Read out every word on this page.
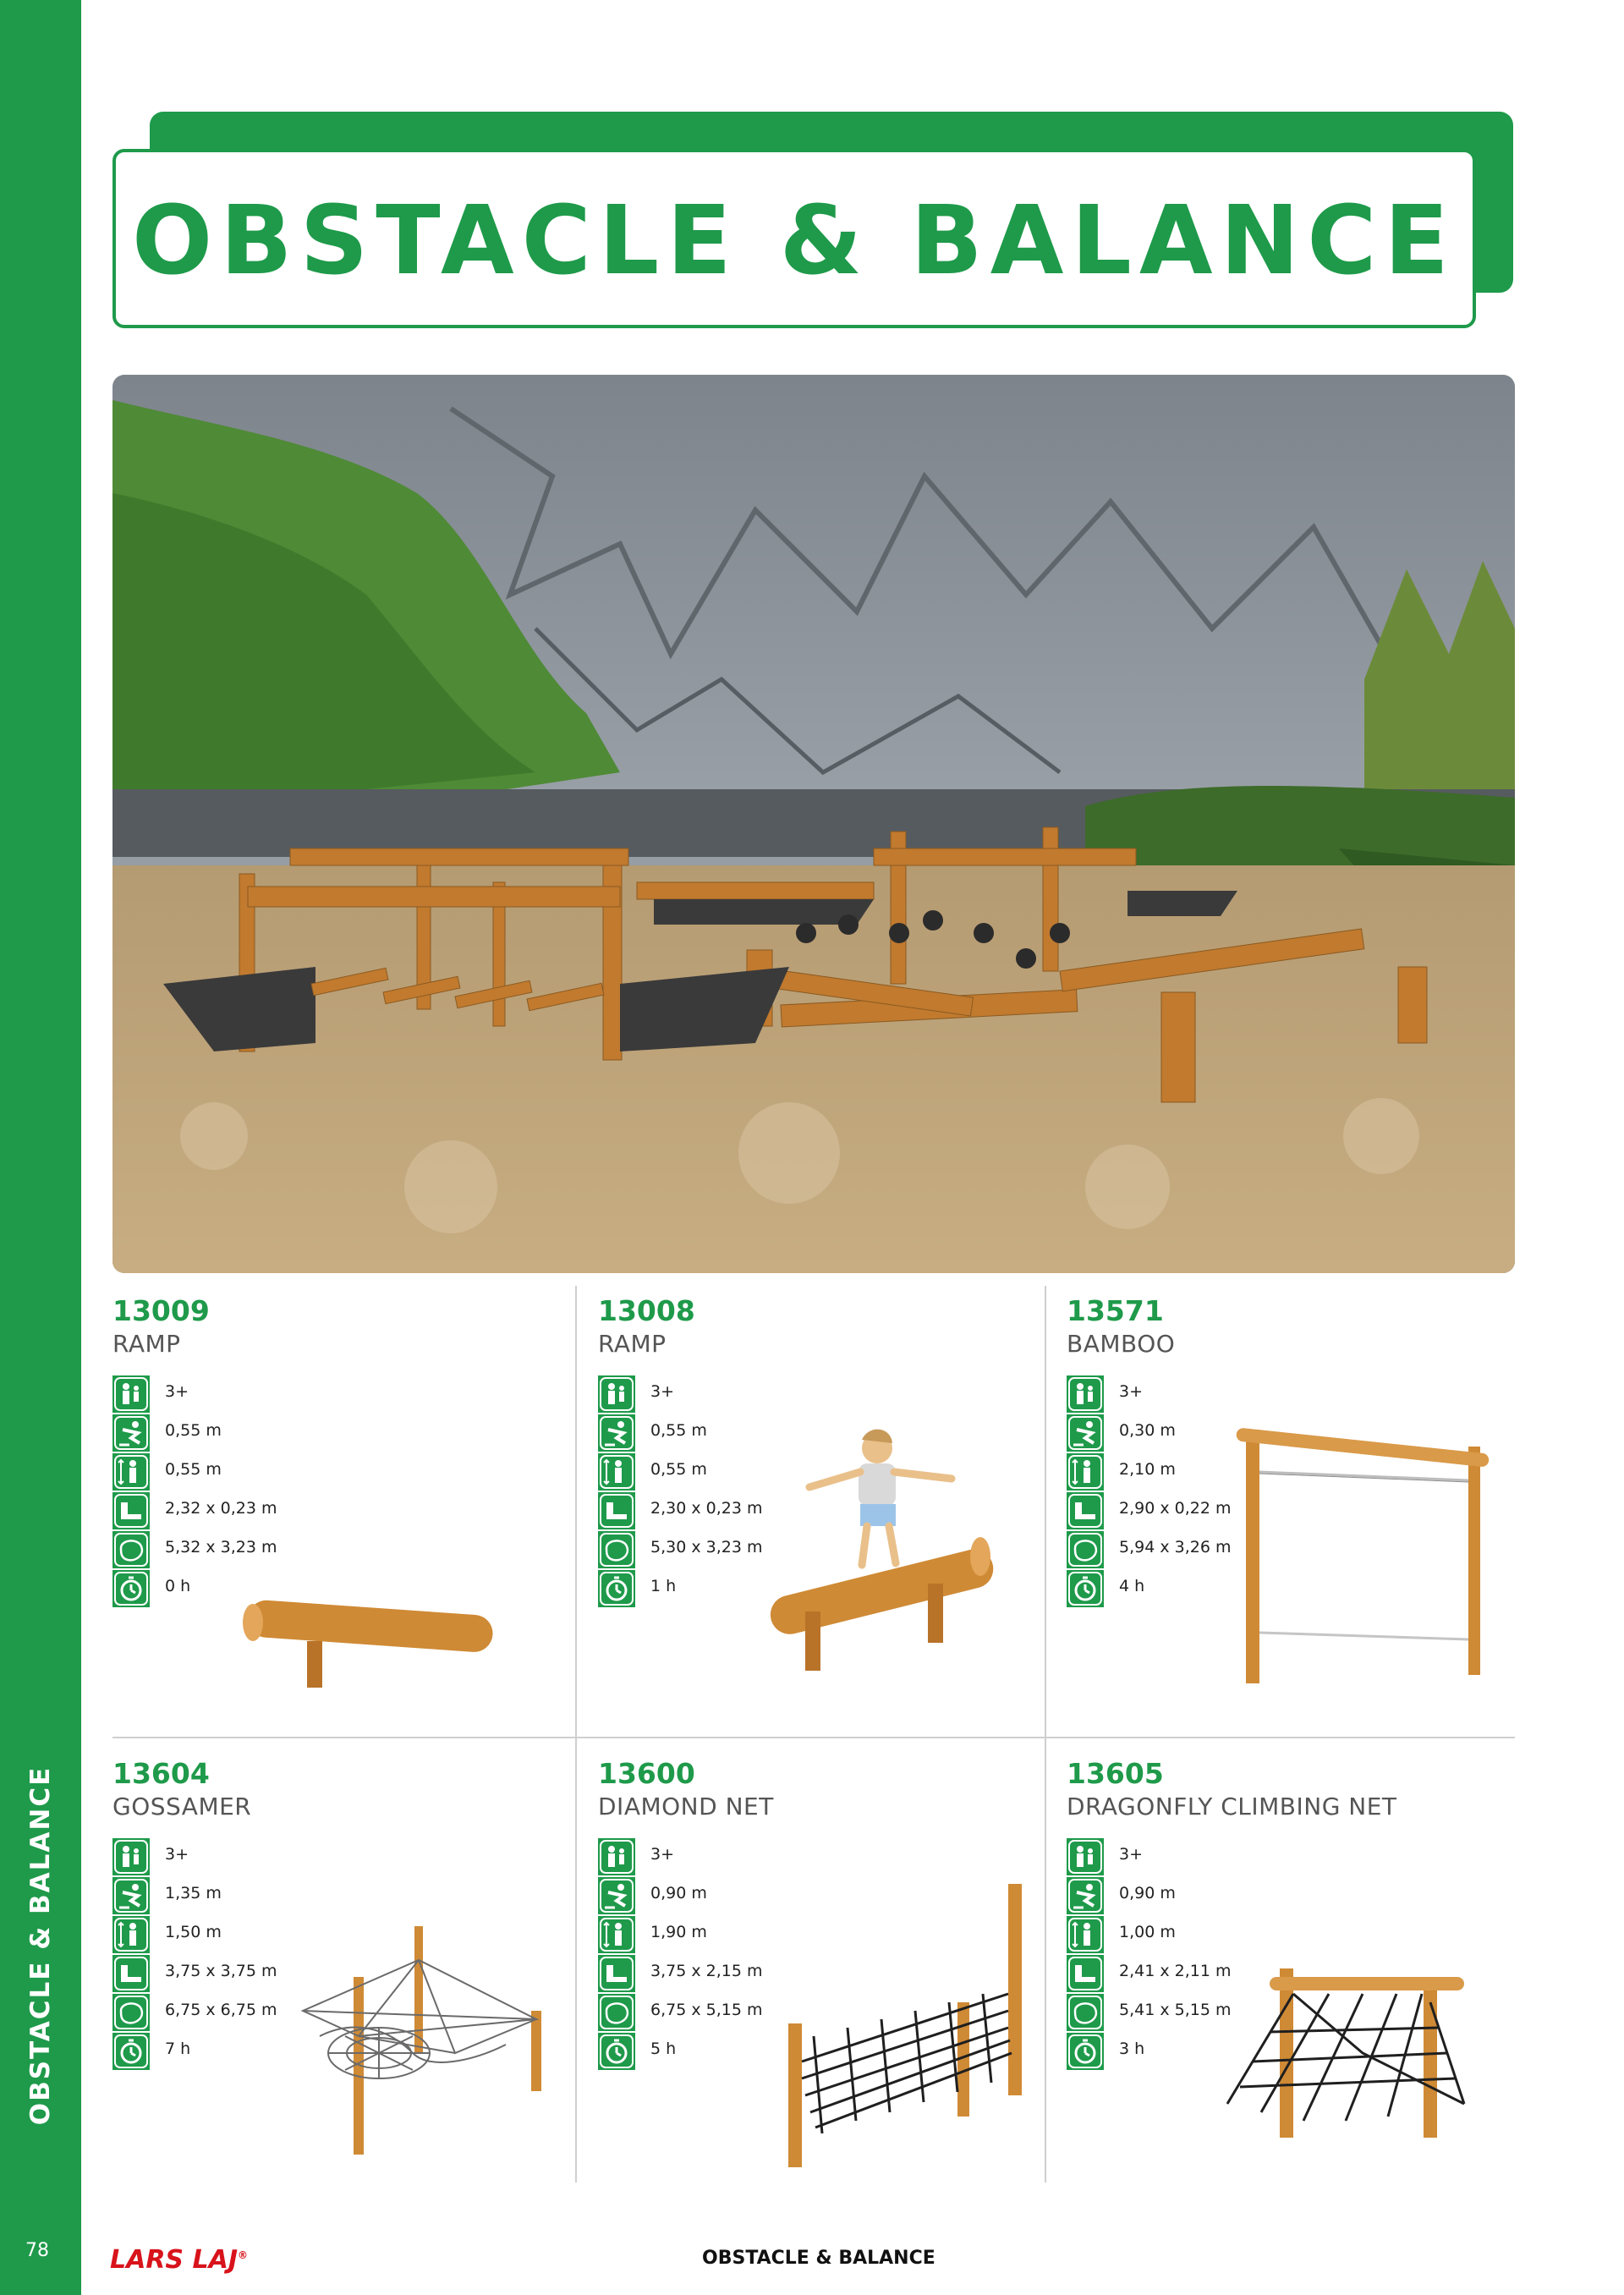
OBSTACLE & BALANCE
78
OBSTACLE & BALANCE
13009
RAMP
3+
0,55 m
0,55 m
2,32 x 0,23 m
5,32 x 3,23 m
0 h
13008
RAMP
3+
0,55 m
0,55 m
2,30 x 0,23 m
5,30 x 3,23 m
1 h
13571
BAMBOO
3+
0,30 m
2,10 m
2,90 x 0,22 m
5,94 x 3,26 m
4 h
13604
GOSSAMER
3+
1,35 m
1,50 m
3,75 x 3,75 m
6,75 x 6,75 m
7 h
13600
DIAMOND NET
3+
0,90 m
1,90 m
3,75 x 2,15 m
6,75 x 5,15 m
5 h
13605
DRAGONFLY CLIMBING NET
3+
0,90 m
1,00 m
2,41 x 2,11 m
5,41 x 5,15 m
3 h
LARS LAJ®	OBSTACLE & BALANCE
